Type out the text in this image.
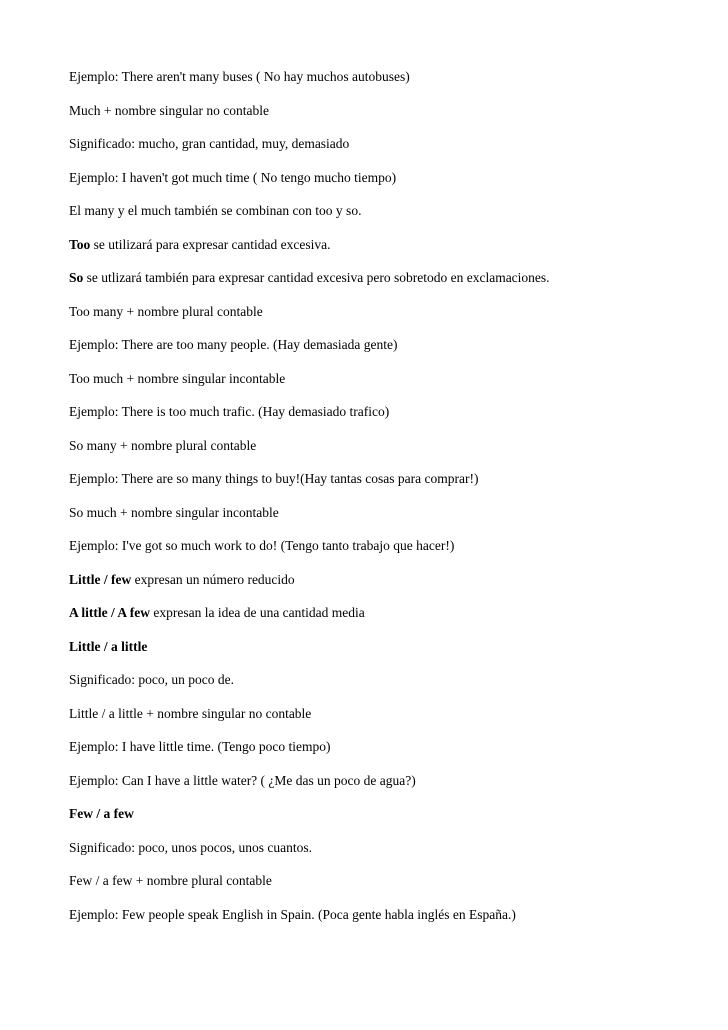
Ejemplo: There aren't many buses ( No hay muchos autobuses)
Much + nombre singular no contable
Significado: mucho, gran cantidad, muy, demasiado
Ejemplo: I haven't got much time ( No tengo mucho tiempo)
El many y el much también se combinan con too y so.
Too se utilizará para expresar cantidad excesiva.
So se utlizará también para expresar cantidad excesiva pero sobretodo en exclamaciones.
Too many + nombre plural contable
Ejemplo: There are too many people. (Hay demasiada gente)
Too much + nombre singular incontable
Ejemplo: There is too much trafic. (Hay demasiado trafico)
So many + nombre plural contable
Ejemplo: There are so many things to buy!(Hay tantas cosas para comprar!)
So much + nombre singular incontable
Ejemplo: I've got so much work to do! (Tengo tanto trabajo que hacer!)
Little / few expresan un número reducido
A little / A few expresan la idea de una cantidad media
Little / a little
Significado: poco, un poco de.
Little / a little + nombre singular no contable
Ejemplo: I have little time. (Tengo poco tiempo)
Ejemplo: Can I have a little water? ( ¿Me das un poco de agua?)
Few / a few
Significado: poco, unos pocos, unos cuantos.
Few / a few + nombre plural contable
Ejemplo: Few people speak English in Spain. (Poca gente habla inglés en España.)
